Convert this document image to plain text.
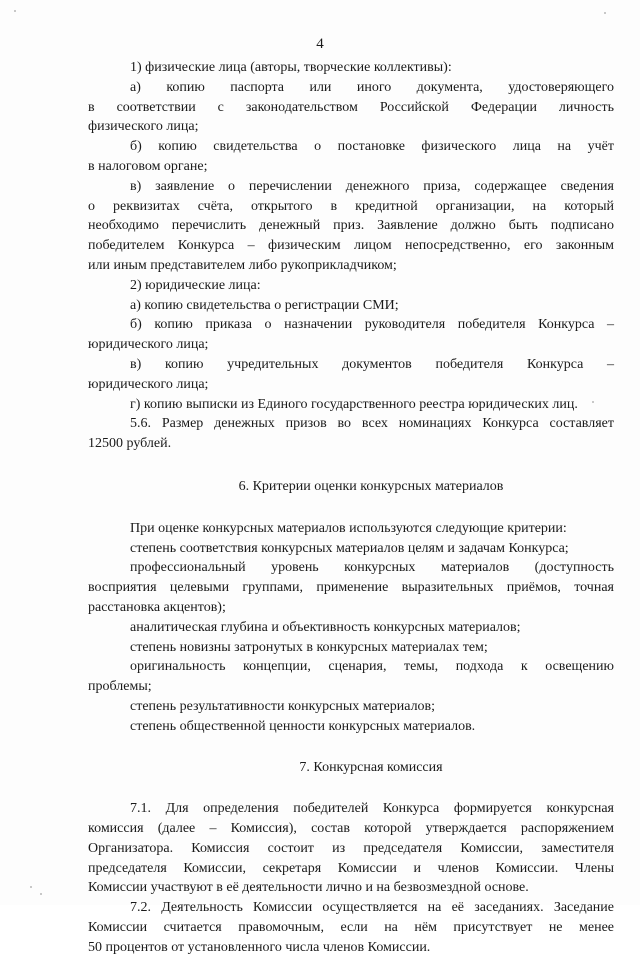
4

1) физические лица (авторы, творческие коллективы):

а) копию паспорта или иного документа, удостоверяющего

в соответствии с законодательством Российской Федерации личность

физического лица;

б) копию свидетельства о постановке физического лица на учёт

в налоговом органе;

в) заявление о перечислении денежного приза, содержащее сведения

о реквизитах счёта, открытого в кредитной организации, на который

необходимо перечислить денежный приз. Заявление должно быть подписано

победителем Конкурса – физическим лицом непосредственно, его законным

или иным представителем либо рукоприкладчиком;

2) юридические лица:

а) копию свидетельства о регистрации СМИ;

б) копию приказа о назначении руководителя победителя Конкурса –

юридического лица;

в) копию учредительных документов победителя Конкурса –

юридического лица;

г) копию выписки из Единого государственного реестра юридических лиц.

5.6. Размер денежных призов во всех номинациях Конкурса составляет

12500 рублей.

6. Критерии оценки конкурсных материалов

При оценке конкурсных материалов используются следующие критерии:

степень соответствия конкурсных материалов целям и задачам Конкурса;

профессиональный уровень конкурсных материалов (доступность

восприятия целевыми группами, применение выразительных приёмов, точная

расстановка акцентов);

аналитическая глубина и объективность конкурсных материалов;

степень новизны затронутых в конкурсных материалах тем;

оригинальность концепции, сценария, темы, подхода к освещению

проблемы;

степень результативности конкурсных материалов;

степень общественной ценности конкурсных материалов.

7. Конкурсная комиссия

7.1. Для определения победителей Конкурса формируется конкурсная

комиссия (далее – Комиссия), состав которой утверждается распоряжением

Организатора. Комиссия состоит из председателя Комиссии, заместителя

председателя Комиссии, секретаря Комиссии и членов Комиссии. Члены

Комиссии участвуют в её деятельности лично и на безвозмездной основе.

7.2. Деятельность Комиссии осуществляется на её заседаниях. Заседание

Комиссии считается правомочным, если на нём присутствует не менее

50 процентов от установленного числа членов Комиссии.
